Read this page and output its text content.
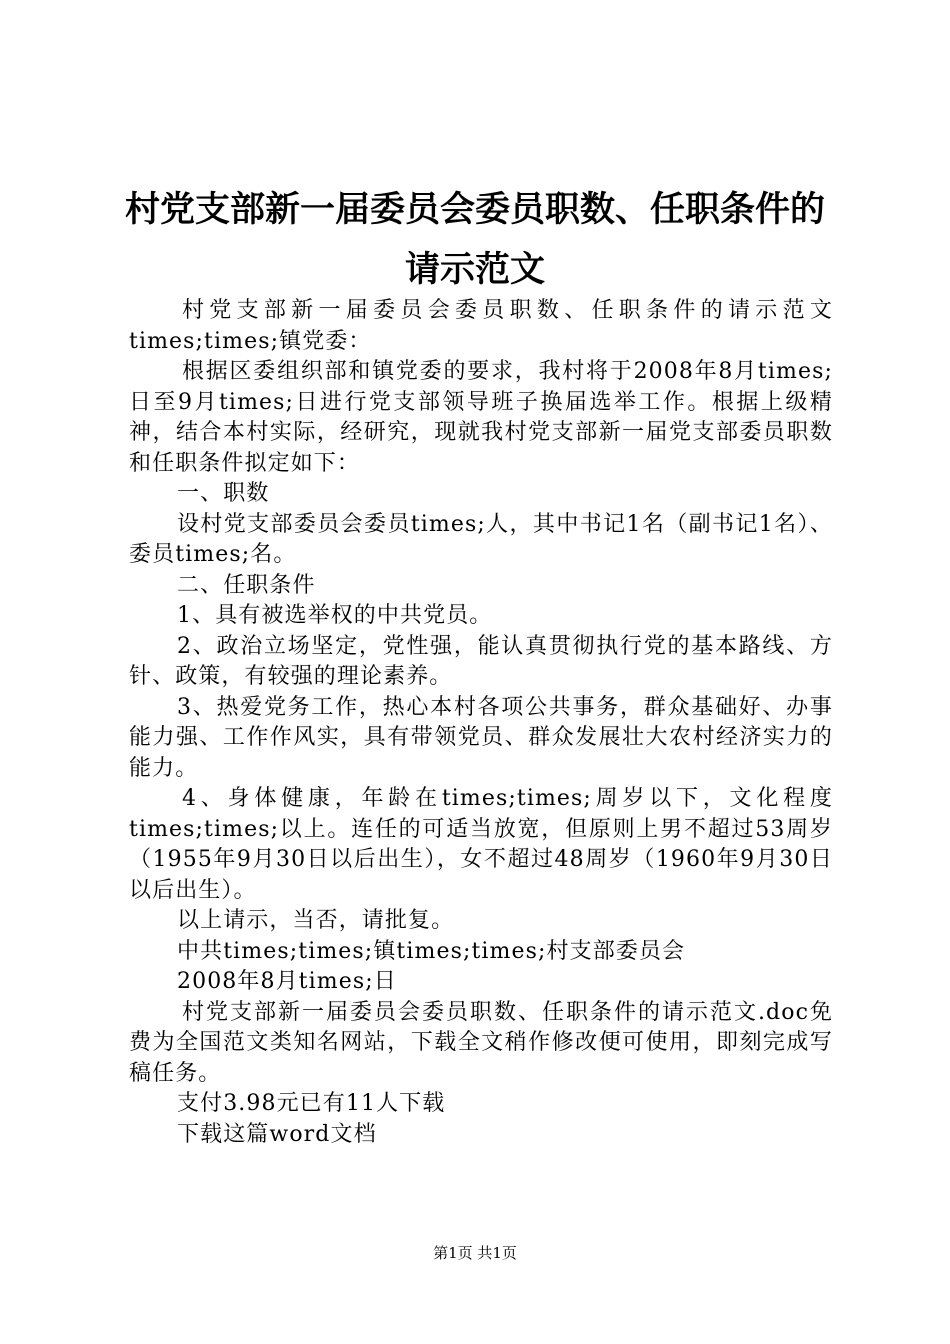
村党支部新一届委员会委员职数、任职条件的
请示范文

村党支部新一届委员会委员职数、任职条件的请示范文times;times;镇党委：

根据区委组织部和镇党委的要求，我村将于2008年8月times;日至9月times;日进行党支部领导班子换届选举工作。根据上级精神，结合本村实际，经研究，现就我村党支部新一届党支部委员职数和任职条件拟定如下：

一、职数

设村党支部委员会委员times;人，其中书记1名（副书记1名）、委员times;名。

二、任职条件

1、具有被选举权的中共党员。

2、政治立场坚定，党性强，能认真贯彻执行党的基本路线、方针、政策，有较强的理论素养。

3、热爱党务工作，热心本村各项公共事务，群众基础好、办事能力强、工作作风实，具有带领党员、群众发展壮大农村经济实力的能力。

4、身体健康，年龄在times;times;周岁以下，文化程度times;times;以上。连任的可适当放宽，但原则上男不超过53周岁（1955年9月30日以后出生），女不超过48周岁（1960年9月30日以后出生）。

以上请示，当否，请批复。

中共times;times;镇times;times;村支部委员会

2008年8月times;日

村党支部新一届委员会委员职数、任职条件的请示范文.doc免费为全国范文类知名网站，下载全文稍作修改便可使用，即刻完成写稿任务。

支付3.98元已有11人下载

下载这篇word文档

第1页 共1页
